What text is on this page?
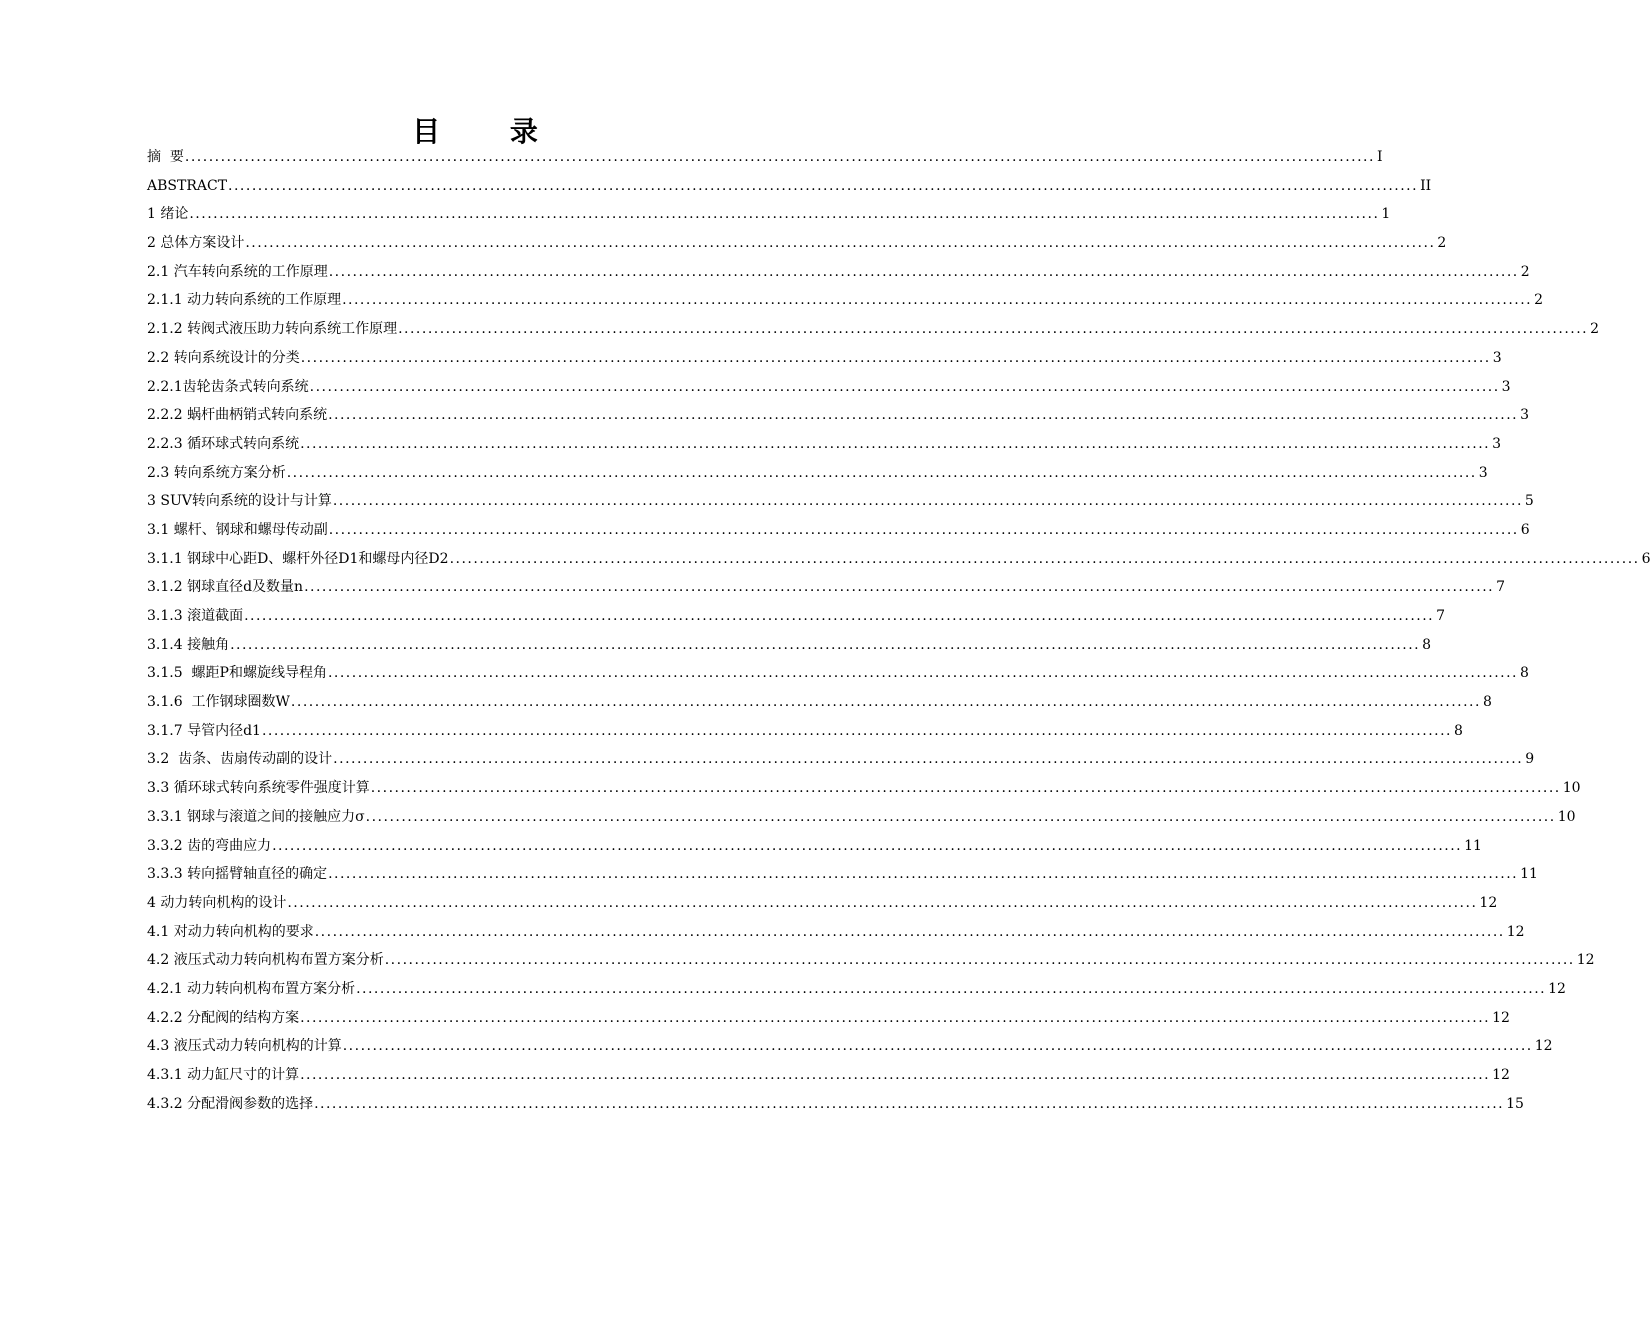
目 录
摘  要 ........................................................................................................................................................................................................ I
ABSTRACT ........................................................................................................................................................................................................ II
1 绪论 ........................................................................................................................................................................................................ 1
2 总体方案设计 ........................................................................................................................................................................................................ 2
2.1 汽车转向系统的工作原理 ........................................................................................................................................................................................................ 2
2.1.1 动力转向系统的工作原理 ........................................................................................................................................................................................................ 2
2.1.2 转阀式液压助力转向系统工作原理 ........................................................................................................................................................................................................ 2
2.2 转向系统设计的分类 ........................................................................................................................................................................................................ 3
2.2.1齿轮齿条式转向系统 ........................................................................................................................................................................................................ 3
2.2.2 蜗杆曲柄销式转向系统 ........................................................................................................................................................................................................ 3
2.2.3 循环球式转向系统 ........................................................................................................................................................................................................ 3
2.3 转向系统方案分析 ........................................................................................................................................................................................................ 3
3 SUV转向系统的设计与计算 ........................................................................................................................................................................................................ 5
3.1 螺杆、钢球和螺母传动副 ........................................................................................................................................................................................................ 6
3.1.1 钢球中心距D、螺杆外径D1和螺母内径D2 ........................................................................................................................................................................................................ 6
3.1.2 钢球直径d及数量n ........................................................................................................................................................................................................ 7
3.1.3 滚道截面 ........................................................................................................................................................................................................ 7
3.1.4 接触角 ........................................................................................................................................................................................................ 8
3.1.5  螺距P和螺旋线导程角 ........................................................................................................................................................................................................ 8
3.1.6  工作钢球圈数W ........................................................................................................................................................................................................ 8
3.1.7 导管内径d1 ........................................................................................................................................................................................................ 8
3.2  齿条、齿扇传动副的设计 ........................................................................................................................................................................................................ 9
3.3 循环球式转向系统零件强度计算 ........................................................................................................................................................................................................ 10
3.3.1 钢球与滚道之间的接触应力σ ........................................................................................................................................................................................................ 10
3.3.2 齿的弯曲应力 ........................................................................................................................................................................................................ 11
3.3.3 转向摇臂轴直径的确定 ........................................................................................................................................................................................................ 11
4 动力转向机构的设计 ........................................................................................................................................................................................................ 12
4.1 对动力转向机构的要求 ........................................................................................................................................................................................................ 12
4.2 液压式动力转向机构布置方案分析 ........................................................................................................................................................................................................ 12
4.2.1 动力转向机构布置方案分析 ........................................................................................................................................................................................................ 12
4.2.2 分配阀的结构方案 ........................................................................................................................................................................................................ 12
4.3 液压式动力转向机构的计算 ........................................................................................................................................................................................................ 12
4.3.1 动力缸尺寸的计算 ........................................................................................................................................................................................................ 12
4.3.2 分配滑阀参数的选择 ........................................................................................................................................................................................................ 15
